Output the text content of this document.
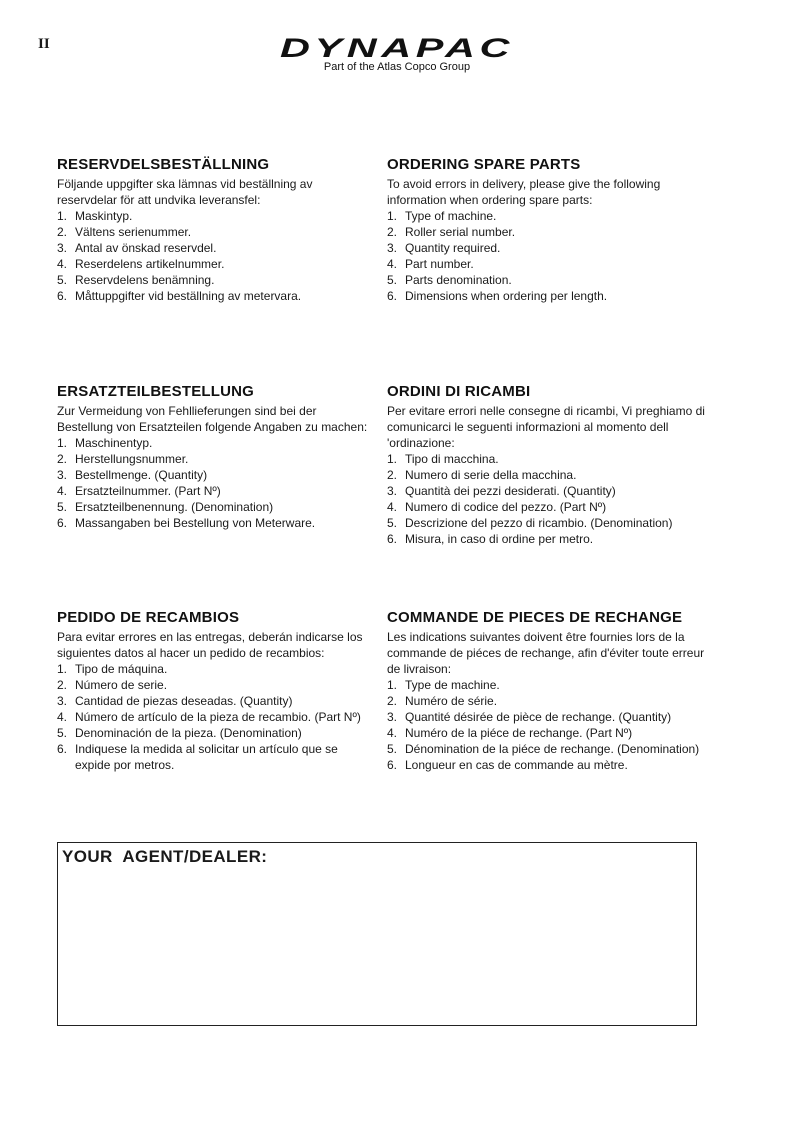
II	DYNAPAC
Part of the Atlas Copco Group
RESERVDELSBESTÄLLNING

Följande uppgifter ska lämnas vid beställning av reservdelar för att undvika leveransfel:

1. Maskintyp.
2. Vältens serienummer.
3. Antal av önskad reservdel.
4. Reserdelens artikelnummer.
5. Reservdelens benämning.
6. Måttuppgifter vid beställning av metervara.
ORDERING SPARE PARTS

To avoid errors in delivery, please give the following information when ordering spare parts:

1. Type of machine.
2. Roller serial number.
3. Quantity required.
4. Part number.
5. Parts denomination.
6. Dimensions when ordering per length.
ERSATZTEILBESTELLUNG

Zur Vermeidung von Fehllieferungen sind bei der Bestellung von Ersatzteilen folgende Angaben zu machen:

1. Maschinentyp.
2. Herstellungsnummer.
3. Bestellmenge. (Quantity)
4. Ersatzteilnummer. (Part Nº)
5. Ersatzteilbenennung. (Denomination)
6. Massangaben bei Bestellung von Meterware.
ORDINI DI RICAMBI

Per evitare errori nelle consegne di ricambi, Vi preghiamo di comunicarci le seguenti informazioni al momento dell 'ordinazione:

1. Tipo di macchina.
2. Numero di serie della macchina.
3. Quantità dei pezzi desiderati. (Quantity)
4. Numero di codice del pezzo. (Part Nº)
5. Descrizione del pezzo di ricambio. (Denomination)
6. Misura, in caso di ordine per metro.
PEDIDO DE RECAMBIOS

Para evitar errores en las entregas, deberán indicarse los siguientes datos al hacer un pedido de recambios:

1. Tipo de máquina.
2. Número de serie.
3. Cantidad de piezas deseadas. (Quantity)
4. Número de artículo de la pieza de recambio. (Part Nº)
5. Denominación de la pieza. (Denomination)
6. Indiquese la medida al solicitar un artículo que se expide por metros.
COMMANDE DE PIECES DE RECHANGE

Les indications suivantes doivent être fournies lors de la commande de piéces de rechange, afin d'éviter toute erreur de livraison:

1. Type de machine.
2. Numéro de série.
3. Quantité désirée de pièce de rechange. (Quantity)
4. Numéro de la piéce de rechange. (Part Nº)
5. Dénomination de la piéce de rechange. (Denomination)
6. Longueur en cas de commande au mètre.
YOUR  AGENT/DEALER:
